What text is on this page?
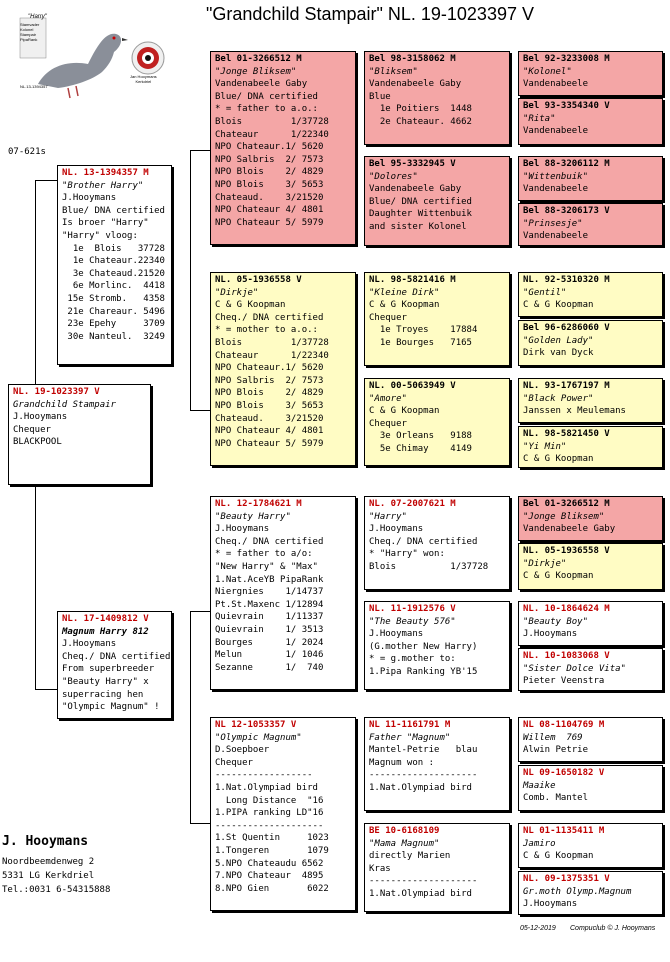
"Grandchild Stampair" NL. 19-1023397 V
"Harry"
Stamvader
Kolonel
Stampair
PipaRank
NL.13-1394357
Jan Hooymans
Kerkdriel
07-621s
NL. 19-1023397 V
Grandchild Stampair
J.Hooymans
Chequer
BLACKPOOL
NL. 13-1394357 M
"Brother Harry"
J.Hooymans
Blue/ DNA certified
Is broer "Harry"
"Harry" vloog:
1e  Blois   37728
1e Chateaur.22340
3e Chateaud.21520
6e Morlinc.  4418
15e Stromb.   4358
21e Chareaur. 5496
23e Epehy     3709
30e Nanteul.  3249
NL. 17-1409812 V
Magnum Harry 812
J.Hooymans
Cheq./ DNA certified
From superbreeder
"Beauty Harry" x
superracing hen
"Olympic Magnum" !
Bel 01-3266512 M
"Jonge Bliksem"
Vandenabeele Gaby
Blue/ DNA certified
* = father to a.o.:
Blois         1/37728
Chateaur      1/22340
NPO Chateaur.1/ 5620
NPO Salbris  2/ 7573
NPO Blois    2/ 4829
NPO Blois    3/ 5653
Chateaud.    3/21520
NPO Chateaur 4/ 4801
NPO Chateaur 5/ 5979
NL. 05-1936558 V
"Dirkje"
C & G Koopman
Cheq./ DNA certified
* = mother to a.o.:
Blois         1/37728
Chateaur      1/22340
NPO Chateaur.1/ 5620
NPO Salbris  2/ 7573
NPO Blois    2/ 4829
NPO Blois    3/ 5653
Chateaud.    3/21520
NPO Chateaur 4/ 4801
NPO Chateaur 5/ 5979
NL. 12-1784621 M
"Beauty Harry"
J.Hooymans
Cheq./ DNA certified
* = father to a/o:
"New Harry" & "Max"
1.Nat.AceYB PipaRank
Niergnies    1/14737
Pt.St.Maxenc 1/12894
Quievrain    1/11337
Quievrain    1/ 3513
Bourges      1/ 2024
Melun        1/ 1046
Sezanne      1/  740
NL 12-1053357 V
"Olympic Magnum"
D.Soepboer
Chequer
------------------
1.Nat.Olympiad bird
Long Distance  "16
1.PIPA ranking LD"16
--------------------
1.St Quentin     1023
1.Tongeren       1079
5.NPO Chateaudu 6562
7.NPO Chateaur  4895
8.NPO Gien       6022
Bel 98-3158062 M
"Bliksem"
Vandenabeele Gaby
Blue
1e Poitiers  1448
2e Chateaur. 4662
Bel 95-3332945 V
"Dolores"
Vandenabeele Gaby
Blue/ DNA certified
Daughter Wittenbuik
and sister Kolonel
NL. 98-5821416 M
"Kleine Dirk"
C & G Koopman
Chequer
1e Troyes    17884
1e Bourges   7165
NL. 00-5063949 V
"Amore"
C & G Koopman
Chequer
3e Orleans   9188
5e Chimay    4149
NL. 07-2007621 M
"Harry"
J.Hooymans
Cheq./ DNA certified
* "Harry" won:
Blois          1/37728
NL. 11-1912576 V
"The Beauty 576"
J.Hooymans
(G.mother New Harry)
* = g.mother to:
1.Pipa Ranking YB'15
NL 11-1161791 M
Father "Magnum"
Mantel-Petrie   blau
Magnum won :
--------------------
1.Nat.Olympiad bird
BE 10-6168109
"Mama Magnum"
directly Marien
Kras
--------------------
1.Nat.Olympiad bird
Bel 92-3233008 M
"Kolonel"
Vandenabeele
Bel 93-3354340 V
"Rita"
Vandenabeele
Bel 88-3206112 M
"Wittenbuik"
Vandenabeele
Bel 88-3206173 V
"Prinsesje"
Vandenabeele
NL. 92-5310320 M
"Gentil"
C & G Koopman
Bel 96-6286060 V
"Golden Lady"
Dirk van Dyck
NL. 93-1767197 M
"Black Power"
Janssen x Meulemans
NL. 98-5821450 V
"Yi Min"
C & G Koopman
Bel 01-3266512 M
"Jonge Bliksem"
Vandenabeele Gaby
NL. 05-1936558 V
"Dirkje"
C & G Koopman
NL. 10-1864624 M
"Beauty Boy"
J.Hooymans
NL. 10-1083068 V
"Sister Dolce Vita"
Pieter Veenstra
NL 08-1104769 M
Willem  769
Alwin Petrie
NL 09-1650182 V
Maaike
Comb. Mantel
NL 01-1135411 M
Jamiro
C & G Koopman
NL. 09-1375351 V
Gr.moth Olymp.Magnum
J.Hooymans
J. Hooymans
Noordbeemdenweg 2
5331 LG Kerkdriel
Tel.:0031 6-54315888
05-12-2019 Compuclub © J. Hooymans
